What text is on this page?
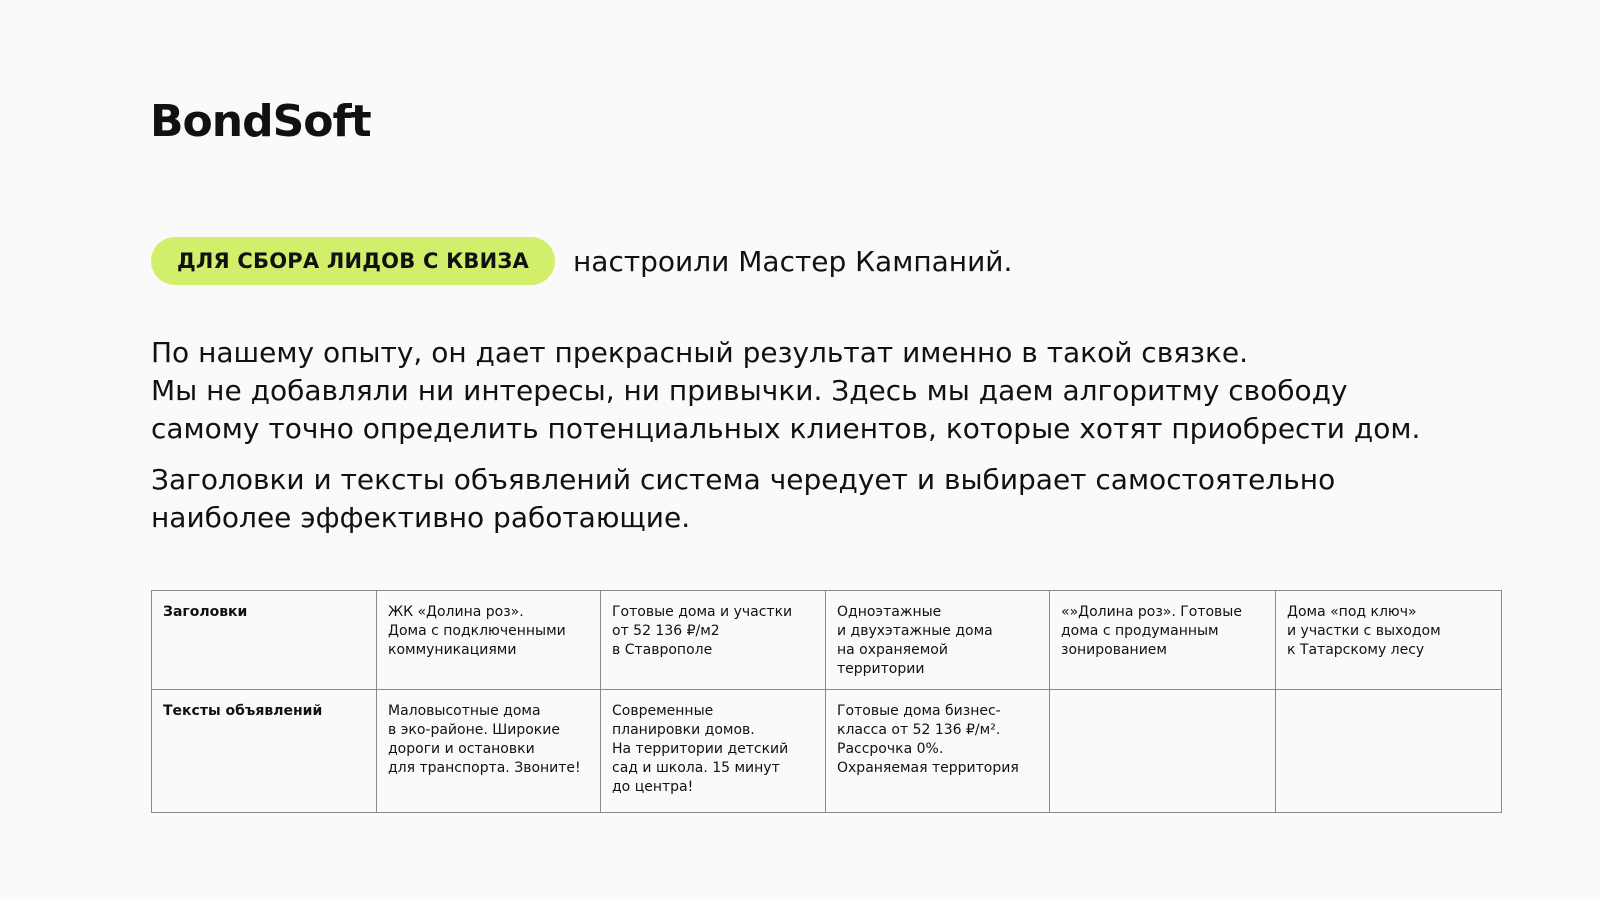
BondSoft
ДЛЯ СБОРА ЛИДОВ С КВИЗА	настроили Мастер Кампаний.

По нашему опыту, он дает прекрасный результат именно в такой связке.
Мы не добавляли ни интересы, ни привычки. Здесь мы даем алгоритму свободу
самому точно определить потенциальных клиентов, которые хотят приобрести дом.

Заголовки и тексты объявлений система чередует и выбирает самостоятельно
наиболее эффективно работающие.

Заголовки	ЖК «Долина роз».
Дома с подключенными
коммуникациями	Готовые дома и участки
от 52 136 ₽/м2
в Ставрополе	Одноэтажные
и двухэтажные дома
на охраняемой
территории	«»Долина роз». Готовые
дома с продуманным
зонированием	Дома «под ключ»
и участки с выходом
к Татарскому лесу

Тексты объявлений	Маловысотные дома
в эко-районе. Широкие
дороги и остановки
для транспорта. Звоните!	Современные
планировки домов.
На территории детский
сад и школа. 15 минут
до центра!	Готовые дома бизнес-
класса от 52 136 ₽/м².
Рассрочка 0%.
Охраняемая территория		
